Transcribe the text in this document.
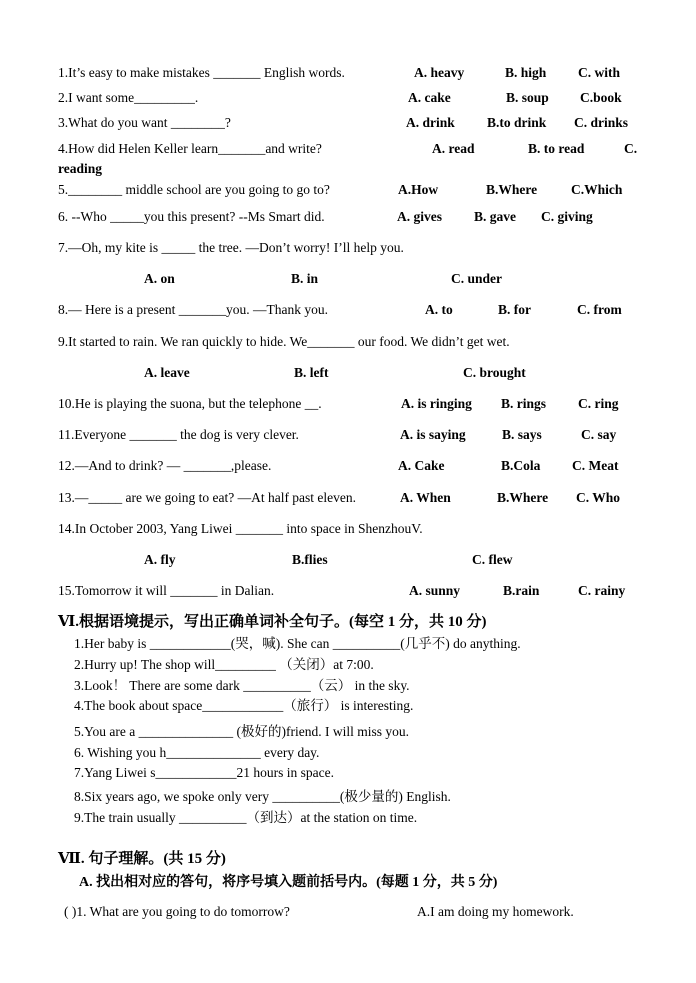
1.It’s easy to make mistakes _______ English words.	A. heavy	B. high C. with
2.I want some_________.	A. cake	B. soup C.book
3.What do you want ________?	A. drink B.to drink C. drinks
4.How did Helen Keller learn_______and write?	A. read	B. to read	C.
reading
5.________ middle school are you going to go to?	A.How	B.Where	C.Which
6. --Who _____you this present? --Ms Smart did.	A. gives B. gave C. giving
7.—Oh, my kite is _____ the tree. —Don’t worry! I’ll help you.
A. on	B. in	C. under
8.— Here is a present _______you. —Thank you.	A. to	B. for	C. from
9.It started to rain. We ran quickly to hide. We_______ our food. We didn’t get wet.
A. leave	B. left	C. brought
10.He is playing the suona, but the telephone __.	A. is ringing B. rings C. ring
11.Everyone _______ the dog is very clever.	A. is saying	B. says	C. say
12.—And to drink? — _______,please.	A. Cake	B.Cola C. Meat
13.—_____ are we going to eat? —At half past eleven.	A. When	B.Where C. Who
14.In October 2003, Yang Liwei _______ into space in ShenzhouV.
A. fly	B.flies	C. flew
15.Tomorrow it will _______ in Dalian.	A. sunny	B.rain	C. rainy
Ⅵ.根据语境提示，写出正确单词补全句子。(每空 1 分，共 10 分)
1.Her baby is ____________(哭，喊). She can __________(几乎不) do anything.
2.Hurry up! The shop will_________ （关闭）at 7:00.
3.Look！ There are some dark __________（云） in the sky.
4.The book about space____________（旅行） is interesting.
5.You are a ______________ (极好的)friend. I will miss you.
6. Wishing you h______________ every day.
7.Yang Liwei s____________21 hours in space.
8.Six years ago, we spoke only very __________(极少量的) English.
9.The train usually __________（到达）at the station on time.
Ⅶ. 句子理解。(共 15 分)
A. 找出相对应的答句，将序号填入题前括号内。(每题 1 分，共 5 分)
( )1. What are you going to do tomorrow?	A.I am doing my homework.
